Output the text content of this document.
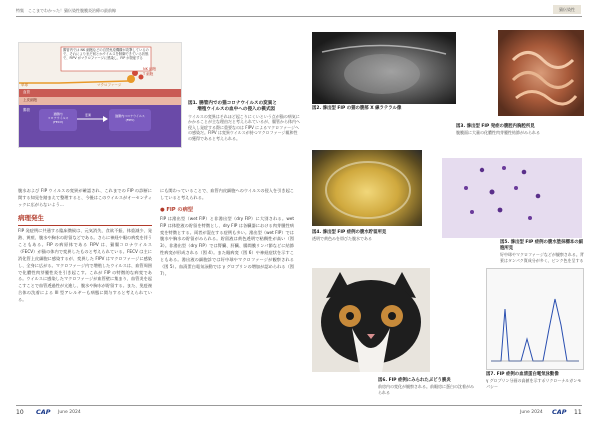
特集　ここまでわかった！猫伝染性腹膜炎治療の最前線	猫伝染性
血管
上皮細胞
腸管
腸管内では NK 細胞などの自然免疫機構が攻撃しているので、それによりまだ何とかウイルスを制御できている状態で、FIPV がマクロファージに感染し、FIP が発症する
NK 細胞
T 細胞
マクロファージ
単球
猫腸内
コロナウイルス
(FECV)
猫腸内コロナウイルス
(FIPV)
変異
図1. 腸管内での猫コロナウイルスの変異と
　　増殖ウイルスの血中への侵入の模式図
ウイルスの変異はそれほど起こりにくいという点が猫の病気にかかることが主な理由だと考えられているが、腸管から体内へ侵入し発症する際に重要なのは FIPV によるマクロファージへの感染だ。FIPV は変異ウイルスが持つマクロファージ親和性の獲得であると考えられる。
腹水および FIP ウイルスの変異が確認され、これまでの FIP の診断に関する知見を踏まえて整理すると、今後はこのウイルスがオーセンティックに広がらないよう...
病理発生
FIP 発症例に共通する臨床徴候は、元気消失、食欲不振、体重減少、発熱、黄疸、腹水や胸水の貯留などである。さらに神経や眼の病変を伴うこともある。FIP の病原体である FIPV は、猫腸コロナウイルス（FECV）が猫の体内で変異したものと考えられている。FECV は主に消化管上皮細胞に感染するが、変異した FIPV はマクロファージに感染し、全身に広がる。マクロファージ内で増殖したウイルスは、血管周囲で化膿性肉芽腫性炎を引き起こす。これが FIP の特徴的な病変である。ウイルスに感染したマクロファージが血管壁に集まり、血管炎を起こすことで血管透過性が亢進し、腹水や胸水が貯留する。また、免疫複合体の沈着による III 型アレルギーも病態に関与すると考えられている。
にも関わっていることで、血管内皮細胞へのウイルスの侵入を引き起こしていると考えられる。
● FIP の病型
FIP は滲出型（wet FIP）と非滲出型（dry FIP）に大別される。wet FIP は体腔液の貯留を特徴とし、dry FIP は各臓器における肉芽腫性病変を特徴とする。両者が混在する症例も多い。滲出型（wet FIP）では腹水や胸水の貯留がみられる。貯留液は黄色透明で粘稠性が高い（図 3）。非滲出型（dry FIP）では腎臓、肝臓、腸間膜リンパ節などに結節性病変が形成される（図 4）。また眼病変（図 6）や神経症状を示すこともある。滲出液の細胞診では好中球やマクロファージが観察される（図 5）。血清蛋白電気泳動では γ グロブリンの増加が認められる（図 7）。
図2. 滲出型 FIP の猫の腹部 X 線ラテラル像
図3. 滲出型 FIP 発症の腹腔内胸腔所見
腹膜面に大量の化膿性肉芽腫性結節がみられる
図4. 滲出型 FIP 症例の腹水貯留所見
透明で黄色みを帯びた腹水である
図5. 滲出型 FIP 症例の腹水塗抹標本の細胞所見
好中球やマクロファージなどが観察される。背景はタンパク質成分が多く、ピンク色を呈する
図6. FIP 症例にみられたぶどう膜炎
前房内の変化が観察される。前眼房に蛋白の沈着がみられる
図7. FIP 症例の血清蛋白電気泳動像
γ グロブリン分画の高値を示すポリクローナルガンモパシー
10 CAP June 2024	June 2024 CAP 11
